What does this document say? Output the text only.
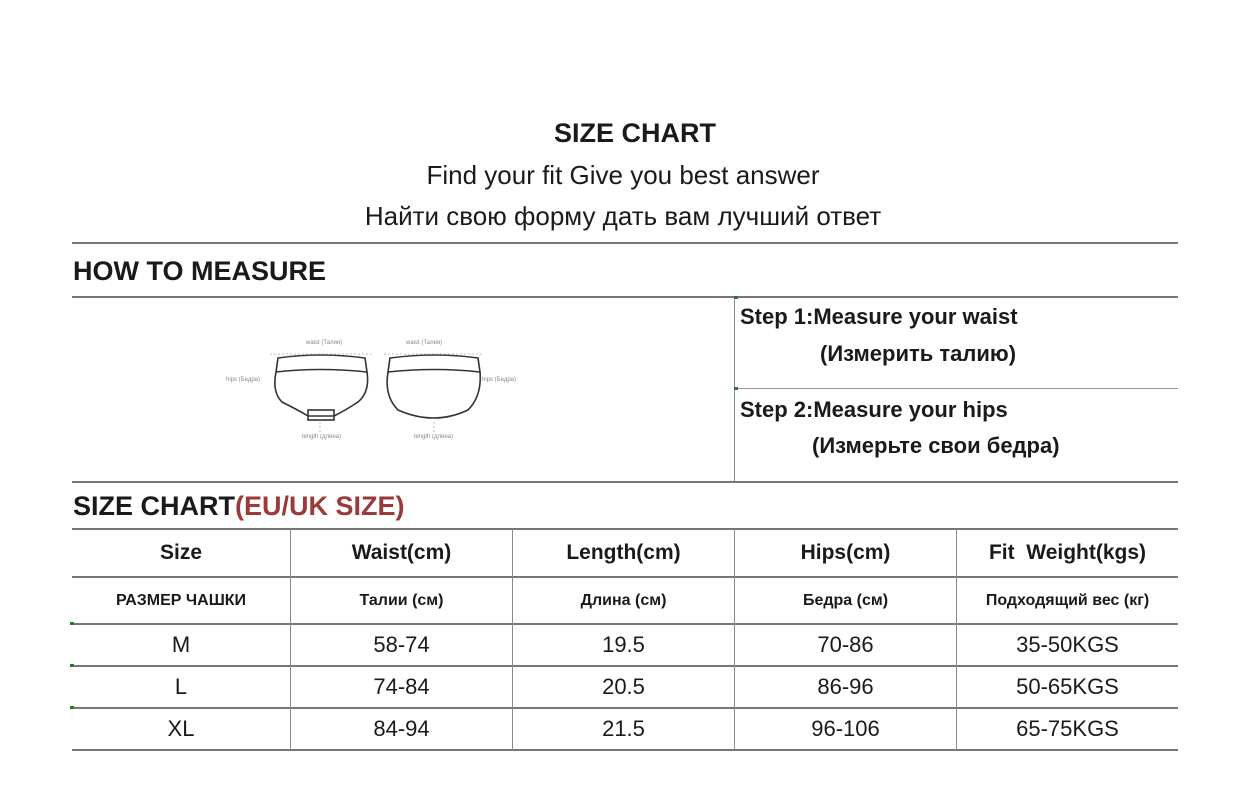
SIZE CHART
Find your fit Give you best answer
Найти свою форму дать вам лучший ответ
HOW TO MEASURE
waist (Талия)	waist (Талия)
hips (Бедра)	hips (Бедра)
length (длина)	length (длина)
Step 1:Measure your waist
(Измерить талию)
Step 2:Measure your hips
(Измерьте свои бедра)
SIZE CHART(EU/UK SIZE)
Size	Waist(cm)	Length(cm)	Hips(cm)	Fit  Weight(kgs)
РАЗМЕР ЧАШКИ	Талии (см)	Длина (см)	Бедра (см)	Подходящий вес (кг)
M	58-74	19.5	70-86	35-50KGS
L	74-84	20.5	86-96	50-65KGS
XL	84-94	21.5	96-106	65-75KGS
